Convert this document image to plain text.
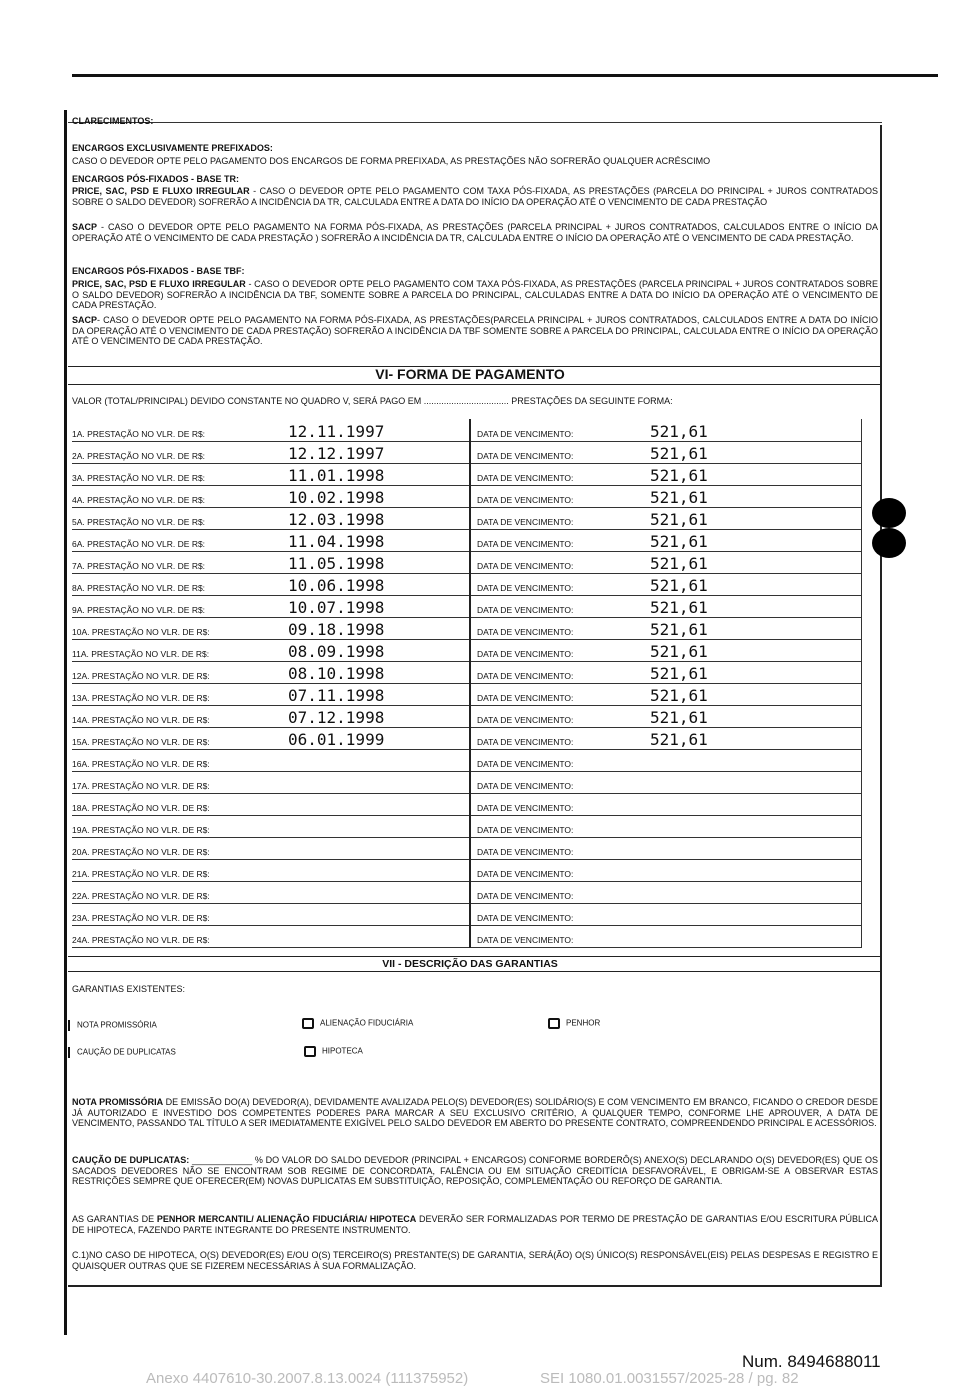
CLARECIMENTOS:
ENCARGOS EXCLUSIVAMENTE PREFIXADOS:
CASO O DEVEDOR OPTE PELO PAGAMENTO DOS ENCARGOS DE FORMA PREFIXADA, AS PRESTAÇÕES NÃO SOFRERÃO QUALQUER ACRÉSCIMO
ENCARGOS PÓS-FIXADOS - BASE TR:
PRICE, SAC, PSD E FLUXO IRREGULAR - CASO O DEVEDOR OPTE PELO PAGAMENTO COM TAXA PÓS-FIXADA, AS PRESTAÇÕES (PARCELA DO PRINCIPAL + JUROS CONTRATADOS SOBRE O SALDO DEVEDOR) SOFRERÃO A INCIDÊNCIA DA TR, CALCULADA ENTRE A DATA DO INÍCIO DA OPERAÇÃO ATÉ O VENCIMENTO DE CADA PRESTAÇÃO
SACP - CASO O DEVEDOR OPTE PELO PAGAMENTO NA FORMA PÓS-FIXADA, AS PRESTAÇÕES (PARCELA PRINCIPAL + JUROS CONTRATADOS, CALCULADOS ENTRE O INÍCIO DA OPERAÇÃO ATÉ O VENCIMENTO DE CADA PRESTAÇÃO ) SOFRERÃO A INCIDÊNCIA DA TR, CALCULADA ENTRE O INÍCIO DA OPERAÇÃO ATÉ O VENCIMENTO DE CADA PRESTAÇÃO.
ENCARGOS PÓS-FIXADOS - BASE TBF:
PRICE, SAC, PSD E FLUXO IRREGULAR - CASO O DEVEDOR OPTE PELO PAGAMENTO COM TAXA PÓS-FIXADA, AS PRESTAÇÕES (PARCELA PRINCIPAL + JUROS CONTRATADOS SOBRE O SALDO DEVEDOR) SOFRERÃO A INCIDÊNCIA DA TBF, SOMENTE SOBRE A PARCELA DO PRINCIPAL, CALCULADAS ENTRE A DATA DO INÍCIO DA OPERAÇÃO ATÉ O VENCIMENTO DE CADA PRESTAÇÃO.
SACP- CASO O DEVEDOR OPTE PELO PAGAMENTO NA FORMA PÓS-FIXADA, AS PRESTAÇÕES(PARCELA PRINCIPAL + JUROS CONTRATADOS, CALCULADOS ENTRE A DATA DO INÍCIO DA OPERAÇÃO ATÉ O VENCIMENTO DE CADA PRESTAÇÃO) SOFRERÃO A INCIDÊNCIA DA TBF SOMENTE SOBRE A PARCELA DO PRINCIPAL, CALCULADA ENTRE O INÍCIO DA OPERAÇÃO ATÉ O VENCIMENTO DE CADA PRESTAÇÃO.
VI- FORMA DE PAGAMENTO
VALOR (TOTAL/PRINCIPAL) DEVIDO CONSTANTE NO QUADRO V, SERÁ PAGO EM .................................. PRESTAÇÕES DA SEGUINTE FORMA:
1A. PRESTAÇÃO NO VLR. DE R$:	12.11.1997	DATA DE VENCIMENTO:	521,61
2A. PRESTAÇÃO NO VLR. DE R$:	12.12.1997	DATA DE VENCIMENTO:	521,61
3A. PRESTAÇÃO NO VLR. DE R$:	11.01.1998	DATA DE VENCIMENTO:	521,61
4A. PRESTAÇÃO NO VLR. DE R$:	10.02.1998	DATA DE VENCIMENTO:	521,61
5A. PRESTAÇÃO NO VLR. DE R$:	12.03.1998	DATA DE VENCIMENTO:	521,61
6A. PRESTAÇÃO NO VLR. DE R$:	11.04.1998	DATA DE VENCIMENTO:	521,61
7A. PRESTAÇÃO NO VLR. DE R$:	11.05.1998	DATA DE VENCIMENTO:	521,61
8A. PRESTAÇÃO NO VLR. DE R$:	10.06.1998	DATA DE VENCIMENTO:	521,61
9A. PRESTAÇÃO NO VLR. DE R$:	10.07.1998	DATA DE VENCIMENTO:	521,61
10A. PRESTAÇÃO NO VLR. DE R$:	09.18.1998	DATA DE VENCIMENTO:	521,61
11A. PRESTAÇÃO NO VLR. DE R$:	08.09.1998	DATA DE VENCIMENTO:	521,61
12A. PRESTAÇÃO NO VLR. DE R$:	08.10.1998	DATA DE VENCIMENTO:	521,61
13A. PRESTAÇÃO NO VLR. DE R$:	07.11.1998	DATA DE VENCIMENTO:	521,61
14A. PRESTAÇÃO NO VLR. DE R$:	07.12.1998	DATA DE VENCIMENTO:	521,61
15A. PRESTAÇÃO NO VLR. DE R$:	06.01.1999	DATA DE VENCIMENTO:	521,61
16A. PRESTAÇÃO NO VLR. DE R$:		DATA DE VENCIMENTO:	
17A. PRESTAÇÃO NO VLR. DE R$:		DATA DE VENCIMENTO:	
18A. PRESTAÇÃO NO VLR. DE R$:		DATA DE VENCIMENTO:	
19A. PRESTAÇÃO NO VLR. DE R$:		DATA DE VENCIMENTO:	
20A. PRESTAÇÃO NO VLR. DE R$:		DATA DE VENCIMENTO:	
21A. PRESTAÇÃO NO VLR. DE R$:		DATA DE VENCIMENTO:	
22A. PRESTAÇÃO NO VLR. DE R$:		DATA DE VENCIMENTO:	
23A. PRESTAÇÃO NO VLR. DE R$:		DATA DE VENCIMENTO:	
24A. PRESTAÇÃO NO VLR. DE R$:		DATA DE VENCIMENTO:	
VII - DESCRIÇÃO DAS GARANTIAS
GARANTIAS EXISTENTES:
NOTA PROMISSÓRIA
CAUÇÃO DE DUPLICATAS
ALIENAÇÃO FIDUCIÁRIA
HIPOTECA
PENHOR
NOTA PROMISSÓRIA DE EMISSÃO DO(A) DEVEDOR(A), DEVIDAMENTE AVALIZADA PELO(S) DEVEDOR(ES) SOLIDÁRIO(S) E COM VENCIMENTO EM BRANCO, FICANDO O CREDOR DESDE JÁ AUTORIZADO E INVESTIDO DOS COMPETENTES PODERES PARA MARCAR A SEU EXCLUSIVO CRITÉRIO, A QUALQUER TEMPO, CONFORME LHE APROUVER, A DATA DE VENCIMENTO, PASSANDO TAL TÍTULO A SER IMEDIATAMENTE EXIGÍVEL PELO SALDO DEVEDOR EM ABERTO DO PRESENTE CONTRATO, COMPREENDENDO PRINCIPAL E ACESSÓRIOS.
CAUÇÃO DE DUPLICATAS: ____________ % DO VALOR DO SALDO DEVEDOR (PRINCIPAL + ENCARGOS) CONFORME BORDERÔ(S) ANEXO(S) DECLARANDO O(S) DEVEDOR(ES) QUE OS SACADOS DEVEDORES NÃO SE ENCONTRAM SOB REGIME DE CONCORDATA, FALÊNCIA OU EM SITUAÇÃO CREDITÍCIA DESFAVORÁVEL, E OBRIGAM-SE A OBSERVAR ESTAS RESTRIÇÕES SEMPRE QUE OFERECER(EM) NOVAS DUPLICATAS EM SUBSTITUIÇÃO, REPOSIÇÃO, COMPLEMENTAÇÃO OU REFORÇO DE GARANTIA.
AS GARANTIAS DE PENHOR MERCANTIL/ ALIENAÇÃO FIDUCIÁRIA/ HIPOTECA DEVERÃO SER FORMALIZADAS POR TERMO DE PRESTAÇÃO DE GARANTIAS E/OU ESCRITURA PÚBLICA DE HIPOTECA, FAZENDO PARTE INTEGRANTE DO PRESENTE INSTRUMENTO.
C.1)NO CASO DE HIPOTECA, O(S) DEVEDOR(ES) E/OU O(S) TERCEIRO(S) PRESTANTE(S) DE GARANTIA, SERÁ(ÃO) O(S) ÚNICO(S) RESPONSÁVEL(EIS) PELAS DESPESAS E REGISTRO E QUAISQUER OUTRAS QUE SE FIZEREM NECESSÁRIAS À SUA FORMALIZAÇÃO.
Num. 8494688011
Anexo 4407610-30.2007.8.13.0024 (111375952)	SEI 1080.01.0031557/2025-28 / pg. 82
